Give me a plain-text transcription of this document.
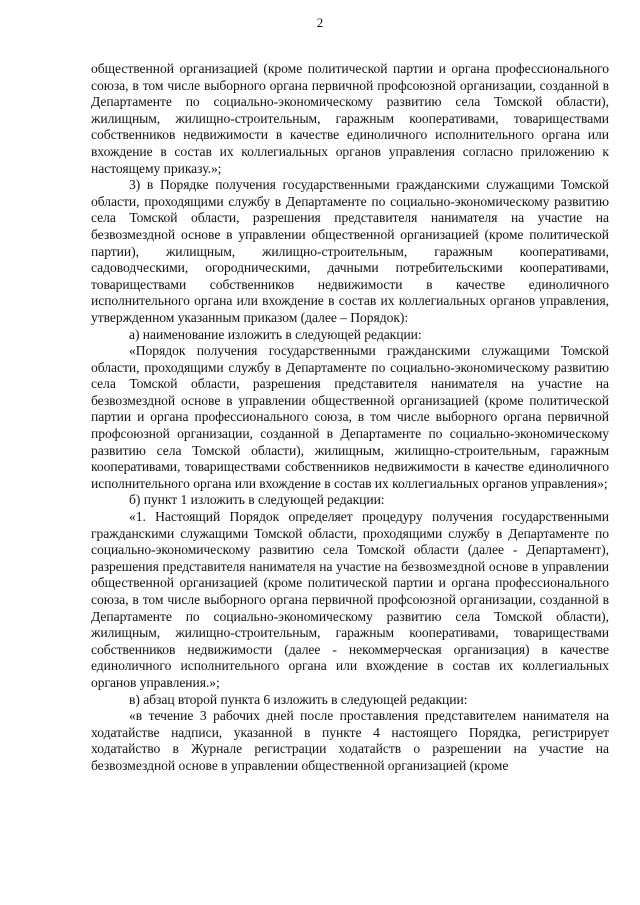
2

общественной организацией (кроме политической партии и органа профессионального союза, в том числе выборного органа первичной профсоюзной организации, созданной в Департаменте по социально-экономическому развитию села Томской области), жилищным, жилищно-строительным, гаражным кооперативами, товариществами собственников недвижимости в качестве единоличного исполнительного органа или вхождение в состав их коллегиальных органов управления согласно приложению к настоящему приказу.»;

3) в Порядке получения государственными гражданскими служащими Томской области, проходящими службу в Департаменте по социально-экономическому развитию села Томской области, разрешения представителя нанимателя на участие на безвозмездной основе в управлении общественной организацией (кроме политической партии), жилищным, жилищно-строительным, гаражным кооперативами, садоводческими, огородническими, дачными потребительскими кооперативами, товариществами собственников недвижимости в качестве единоличного исполнительного органа или вхождение в состав их коллегиальных органов управления, утвержденном указанным приказом (далее – Порядок):

а) наименование изложить в следующей редакции:

«Порядок получения государственными гражданскими служащими Томской области, проходящими службу в Департаменте по социально-экономическому развитию села Томской области, разрешения представителя нанимателя на участие на безвозмездной основе в управлении общественной организацией (кроме политической партии и органа профессионального союза, в том числе выборного органа первичной профсоюзной организации, созданной в Департаменте по социально-экономическому развитию села Томской области), жилищным, жилищно-строительным, гаражным кооперативами, товариществами собственников недвижимости в качестве единоличного исполнительного органа или вхождение в состав их коллегиальных органов управления»;

б) пункт 1 изложить в следующей редакции:

«1. Настоящий Порядок определяет процедуру получения государственными гражданскими служащими Томской области, проходящими службу в Департаменте по социально-экономическому развитию села Томской области (далее - Департамент), разрешения представителя нанимателя на участие на безвозмездной основе в управлении общественной организацией (кроме политической партии и органа профессионального союза, в том числе выборного органа первичной профсоюзной организации, созданной в Департаменте по социально-экономическому развитию села Томской области), жилищным, жилищно-строительным, гаражным кооперативами, товариществами собственников недвижимости (далее - некоммерческая организация) в качестве единоличного исполнительного органа или вхождение в состав их коллегиальных органов управления.»;

в) абзац второй пункта 6 изложить в следующей редакции:

«в течение 3 рабочих дней после проставления представителем нанимателя на ходатайстве надписи, указанной в пункте 4 настоящего Порядка, регистрирует ходатайство в Журнале регистрации ходатайств о разрешении на участие на безвозмездной основе в управлении общественной организацией (кроме
